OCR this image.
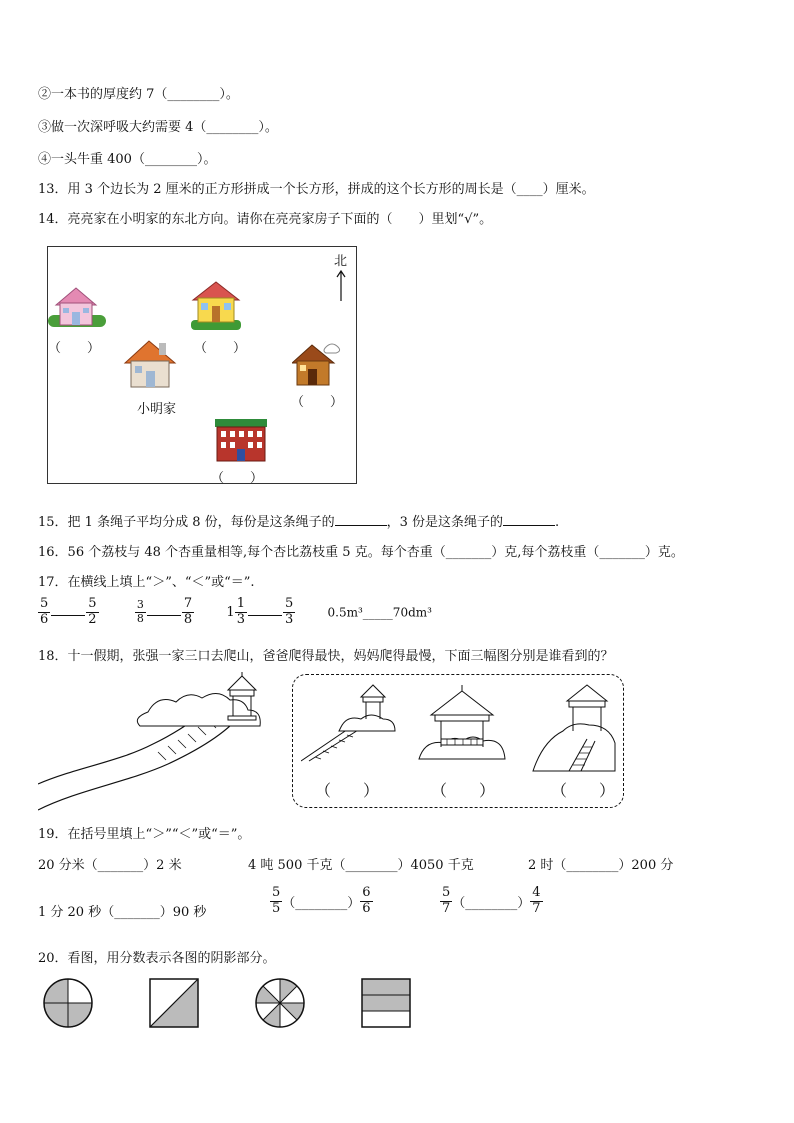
②一本书的厚度约 7（________）。
③做一次深呼吸大约需要 4（________）。
④一头牛重 400（________）。
13．用 3 个边长为 2 厘米的正方形拼成一个长方形，拼成的这个长方形的周长是（____）厘米。
14．亮亮家在小明家的东北方向。请你在亮亮家房子下面的（　　）里划“√”。
北
（　　）	（　　）
小明家	（　　）
（　　）
15．把 1 条绳子平均分成 8 份，每份是这条绳子的	，3 份是这条绳子的	.
16．56 个荔枝与 48 个杏重量相等,每个杏比荔枝重 5 克。每个杏重（_______）克,每个荔枝重（_______）克。
17．在横线上填上“＞”、“＜”或“＝”.
$\frac{5}{6}$	$\frac{5}{2}$
	$\frac{3}{8}$	$\frac{7}{8} 1 \frac{1}{3}$	$\frac{5}{3}$	0.5m³_____70dm³
18．十一假期，张强一家三口去爬山，爸爸爬得最快，妈妈爬得最慢，下面三幅图分别是谁看到的？
（　　）	（　　）	（　　）
19．在括号里填上“＞”“＜”或“＝”。
20 分米（_______）2 米	4 吨 500 千克（________）4050 千克	2 时（________）200 分
1 分 20 秒（_______）90 秒	$\frac{5}{5}$ （________） $\frac{6}{6}$	$\frac{5}{7}$ （________） $\frac{4}{7}$
20．看图，用分数表示各图的阴影部分。
